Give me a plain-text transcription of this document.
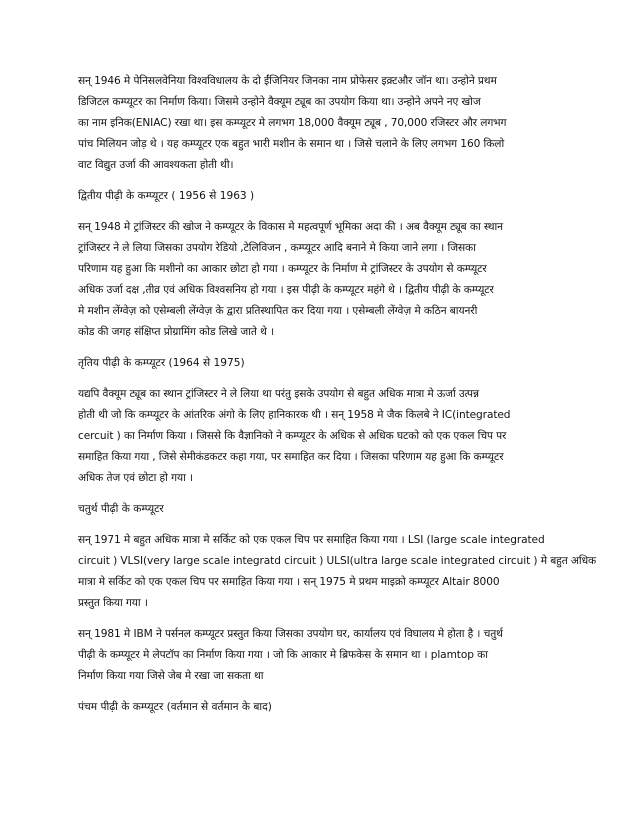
सन् 1946 मे पेनिसलवेनिया विश्वविधालय के दो ईंजिनियर जिनका नाम प्रोफेसर इक्र्टऔर जॉन था। उन्होने प्रथम
डिजिटल कम्प्यूटर का निर्माण किया। जिसमे उन्होने वैक्यूम ट्यूब का उपयोग किया था। उन्होने अपने नए खोज
का नाम इनिक(ENIAC) रखा था। इस कम्प्यूटर मे लगभग 18,000 वैक्यूम ट्यूब , 70,000 रजिस्टर और लगभग
पांच मिलियन जोड़ थे । यह कम्प्यूटर एक बहुत भारी मशीन के समान था । जिसे चलाने के लिए लगभग 160 किलो
वाट विद्युत उर्जा की आवश्यकता होती थी।
द्वितीय पीढ़ी के कम्प्यूटर ( 1956 से 1963 )
सन् 1948 मे ट्रांजिस्टर की खोज ने कम्प्यूटर के विकास मे महत्वपूर्ण भूमिका अदा की । अब वैक्यूम ट्यूब का स्थान
ट्रांजिस्टर ने ले लिया जिसका उपयोग रेडियो ,टेलिविजन , कम्प्यूटर आदि बनाने मे किया जाने लगा । जिसका
परिणाम यह हुआ कि मशीनो का आकार छोटा हो गया । कम्प्यूटर के निर्माण मे ट्रांजिस्टर के उपयोग से कम्प्यूटर
अधिक उर्जा दक्ष ,तीव्र एवं अधिक विश्वसनिय हो गया । इस पीढ़ी के कम्प्यूटर महंगे थे । द्वितीय पीढ़ी के कम्प्यूटर
मे मशीन लेंग्वेज़ को एसेम्बली लेंग्वेज़ के द्वारा प्रतिस्थापित कर दिया गया । एसेम्बली लेंग्वेज़ मे कठिन बायनरी
कोड की जगह संक्षिप्त प्रोग्रामिंग कोड लिखे जाते थे ।
तृतिय पीढ़ी के कम्प्यूटर (1964 से 1975)
यद्यपि वैक्यूम ट्यूब का स्थान ट्रांजिस्टर ने ले लिया था परंतु इसके उपयोग से बहुत अधिक मात्रा मे ऊर्जा उत्पन्न
होती थी जो कि कम्प्यूटर के आंतरिक अंगो के लिए हानिकारक थी । सन् 1958 मे जैक किलबे ने IC(integrated
cercuit ) का निर्माण किया । जिससे कि वैज्ञानिको ने कम्प्यूटर के अधिक से अधिक घटको को एक एकल चिप पर
समाहित किया गया , जिसे सेमीकंडकटर कहा गया, पर समाहित कर दिया । जिसका परिणाम यह हुआ कि कम्प्यूटर
अधिक तेज एवं छोटा हो गया ।
चतुर्थ पीढ़ी के कम्प्यूटर
सन् 1971 मे बहुत अधिक मात्रा मे सर्किट को एक एकल चिप पर समाहित किया गया । LSI (large scale integrated
circuit ) VLSI(very large scale integratd circuit ) ULSI(ultra large scale integrated circuit ) मे बहुत अधिक
मात्रा मे सर्किट को एक एकल चिप पर समाहित किया गया । सन् 1975 मे प्रथम माइक्रो कम्प्यूटर Altair 8000
प्रस्तुत किया गया ।
सन् 1981 मे IBM ने पर्सनल कम्प्यूटर प्रस्तुत किया जिसका उपयोग घर, कार्यालय एवं विघालय मे होता है । चतुर्थ
पीढ़ी के कम्प्यूटर मे लेपटॉप का निर्माण किया गया । जो कि आकार मे ब्रिफकेस के समान था । plamtop का
निर्माण किया गया जिसे जेब मे रखा जा सकता था
पंचम पीढ़ी के कम्प्यूटर (वर्तमान से वर्तमान के बाद)
